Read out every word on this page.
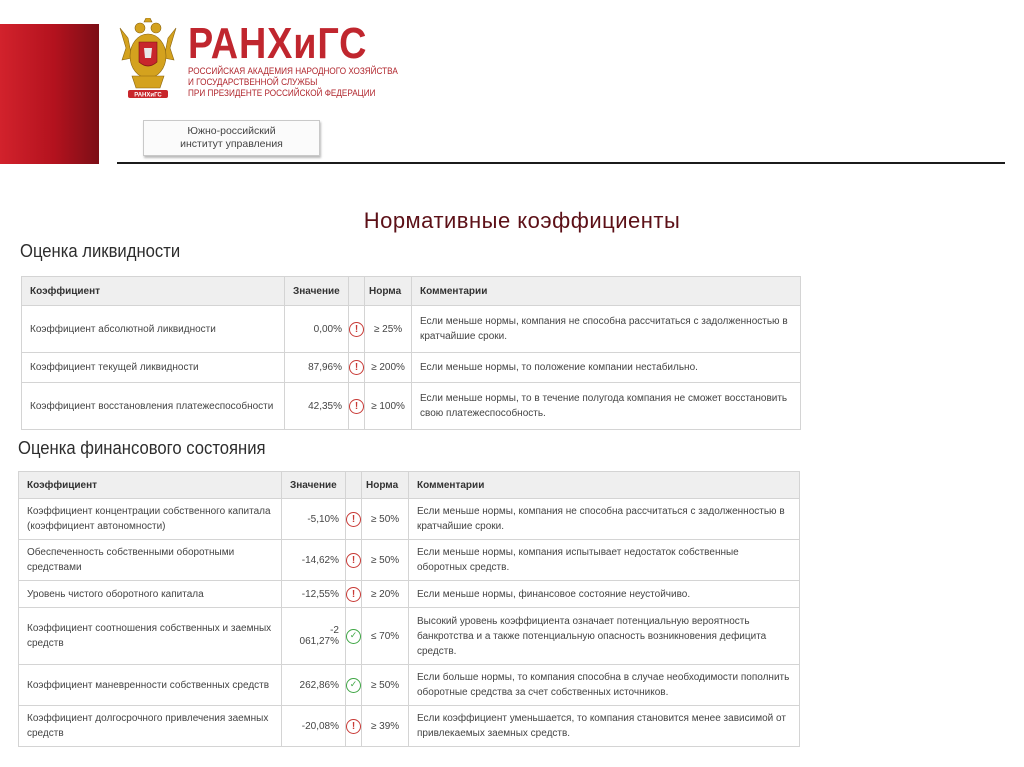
РАНХиГС
РАНХиГС
РОССИЙСКАЯ АКАДЕМИЯ НАРОДНОГО ХОЗЯЙСТВА
И ГОСУДАРСТВЕННОЙ СЛУЖБЫ
ПРИ ПРЕЗИДЕНТЕ РОССИЙСКОЙ ФЕДЕРАЦИИ
Южно-российский институт управления
Нормативные коэффициенты
Оценка ликвидности
Коэффициент	Значение		Норма	Комментарии
Коэффициент абсолютной ликвидности	0,00%	!	≥ 25%	Если меньше нормы, компания не способна рассчитаться с задолженностью в кратчайшие сроки.
Коэффициент текущей ликвидности	87,96%	!	≥ 200%	Если меньше нормы, то положение компании нестабильно.
Коэффициент восстановления платежеспособности	42,35%	!	≥ 100%	Если меньше нормы, то в течение полугода компания не сможет восстановить свою платежеспособность.
Оценка финансового состояния
Коэффициент	Значение		Норма	Комментарии
Коэффициент концентрации собственного капитала (коэффициент автономности)	-5,10%	!	≥ 50%	Если меньше нормы, компания не способна рассчитаться с задолженностью в кратчайшие сроки.
Обеспеченность собственными оборотными средствами	-14,62%	!	≥ 50%	Если меньше нормы, компания испытывает недостаток собственные оборотных средств.
Уровень чистого оборотного капитала	-12,55%	!	≥ 20%	Если меньше нормы, финансовое состояние неустойчиво.
Коэффициент соотношения собственных и заемных средств	-2 061,27%	✓	≤ 70%	Высокий уровень коэффициента означает потенциальную вероятность банкротства и а также потенциальную опасность возникновения дефицита средств.
Коэффициент маневренности собственных средств	262,86%	✓	≥ 50%	Если больше нормы, то компания способна в случае необходимости пополнить оборотные средства за счет собственных источников.
Коэффициент долгосрочного привлечения заемных средств	-20,08%	!	≥ 39%	Если коэффициент уменьшается, то компания становится менее зависимой от привлекаемых заемных средств.
